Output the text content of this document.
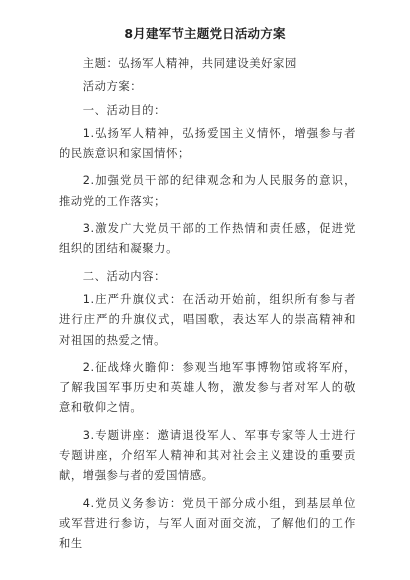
8月建军节主题党日活动方案

主题：弘扬军人精神，共同建设美好家园

活动方案：

一、活动目的：

1.弘扬军人精神，弘扬爱国主义情怀，增强参与者的民族意识和家国情怀；

2.加强党员干部的纪律观念和为人民服务的意识，推动党的工作落实；

3.激发广大党员干部的工作热情和责任感，促进党组织的团结和凝聚力。

二、活动内容：

1.庄严升旗仪式：在活动开始前，组织所有参与者进行庄严的升旗仪式，唱国歌，表达军人的崇高精神和对祖国的热爱之情。

2.征战烽火瞻仰：参观当地军事博物馆或将军府，了解我国军事历史和英雄人物，激发参与者对军人的敬意和敬仰之情。

3.专题讲座：邀请退役军人、军事专家等人士进行专题讲座，介绍军人精神和其对社会主义建设的重要贡献，增强参与者的爱国情感。

4.党员义务参访：党员干部分成小组，到基层单位或军营进行参访，与军人面对面交流，了解他们的工作和生
